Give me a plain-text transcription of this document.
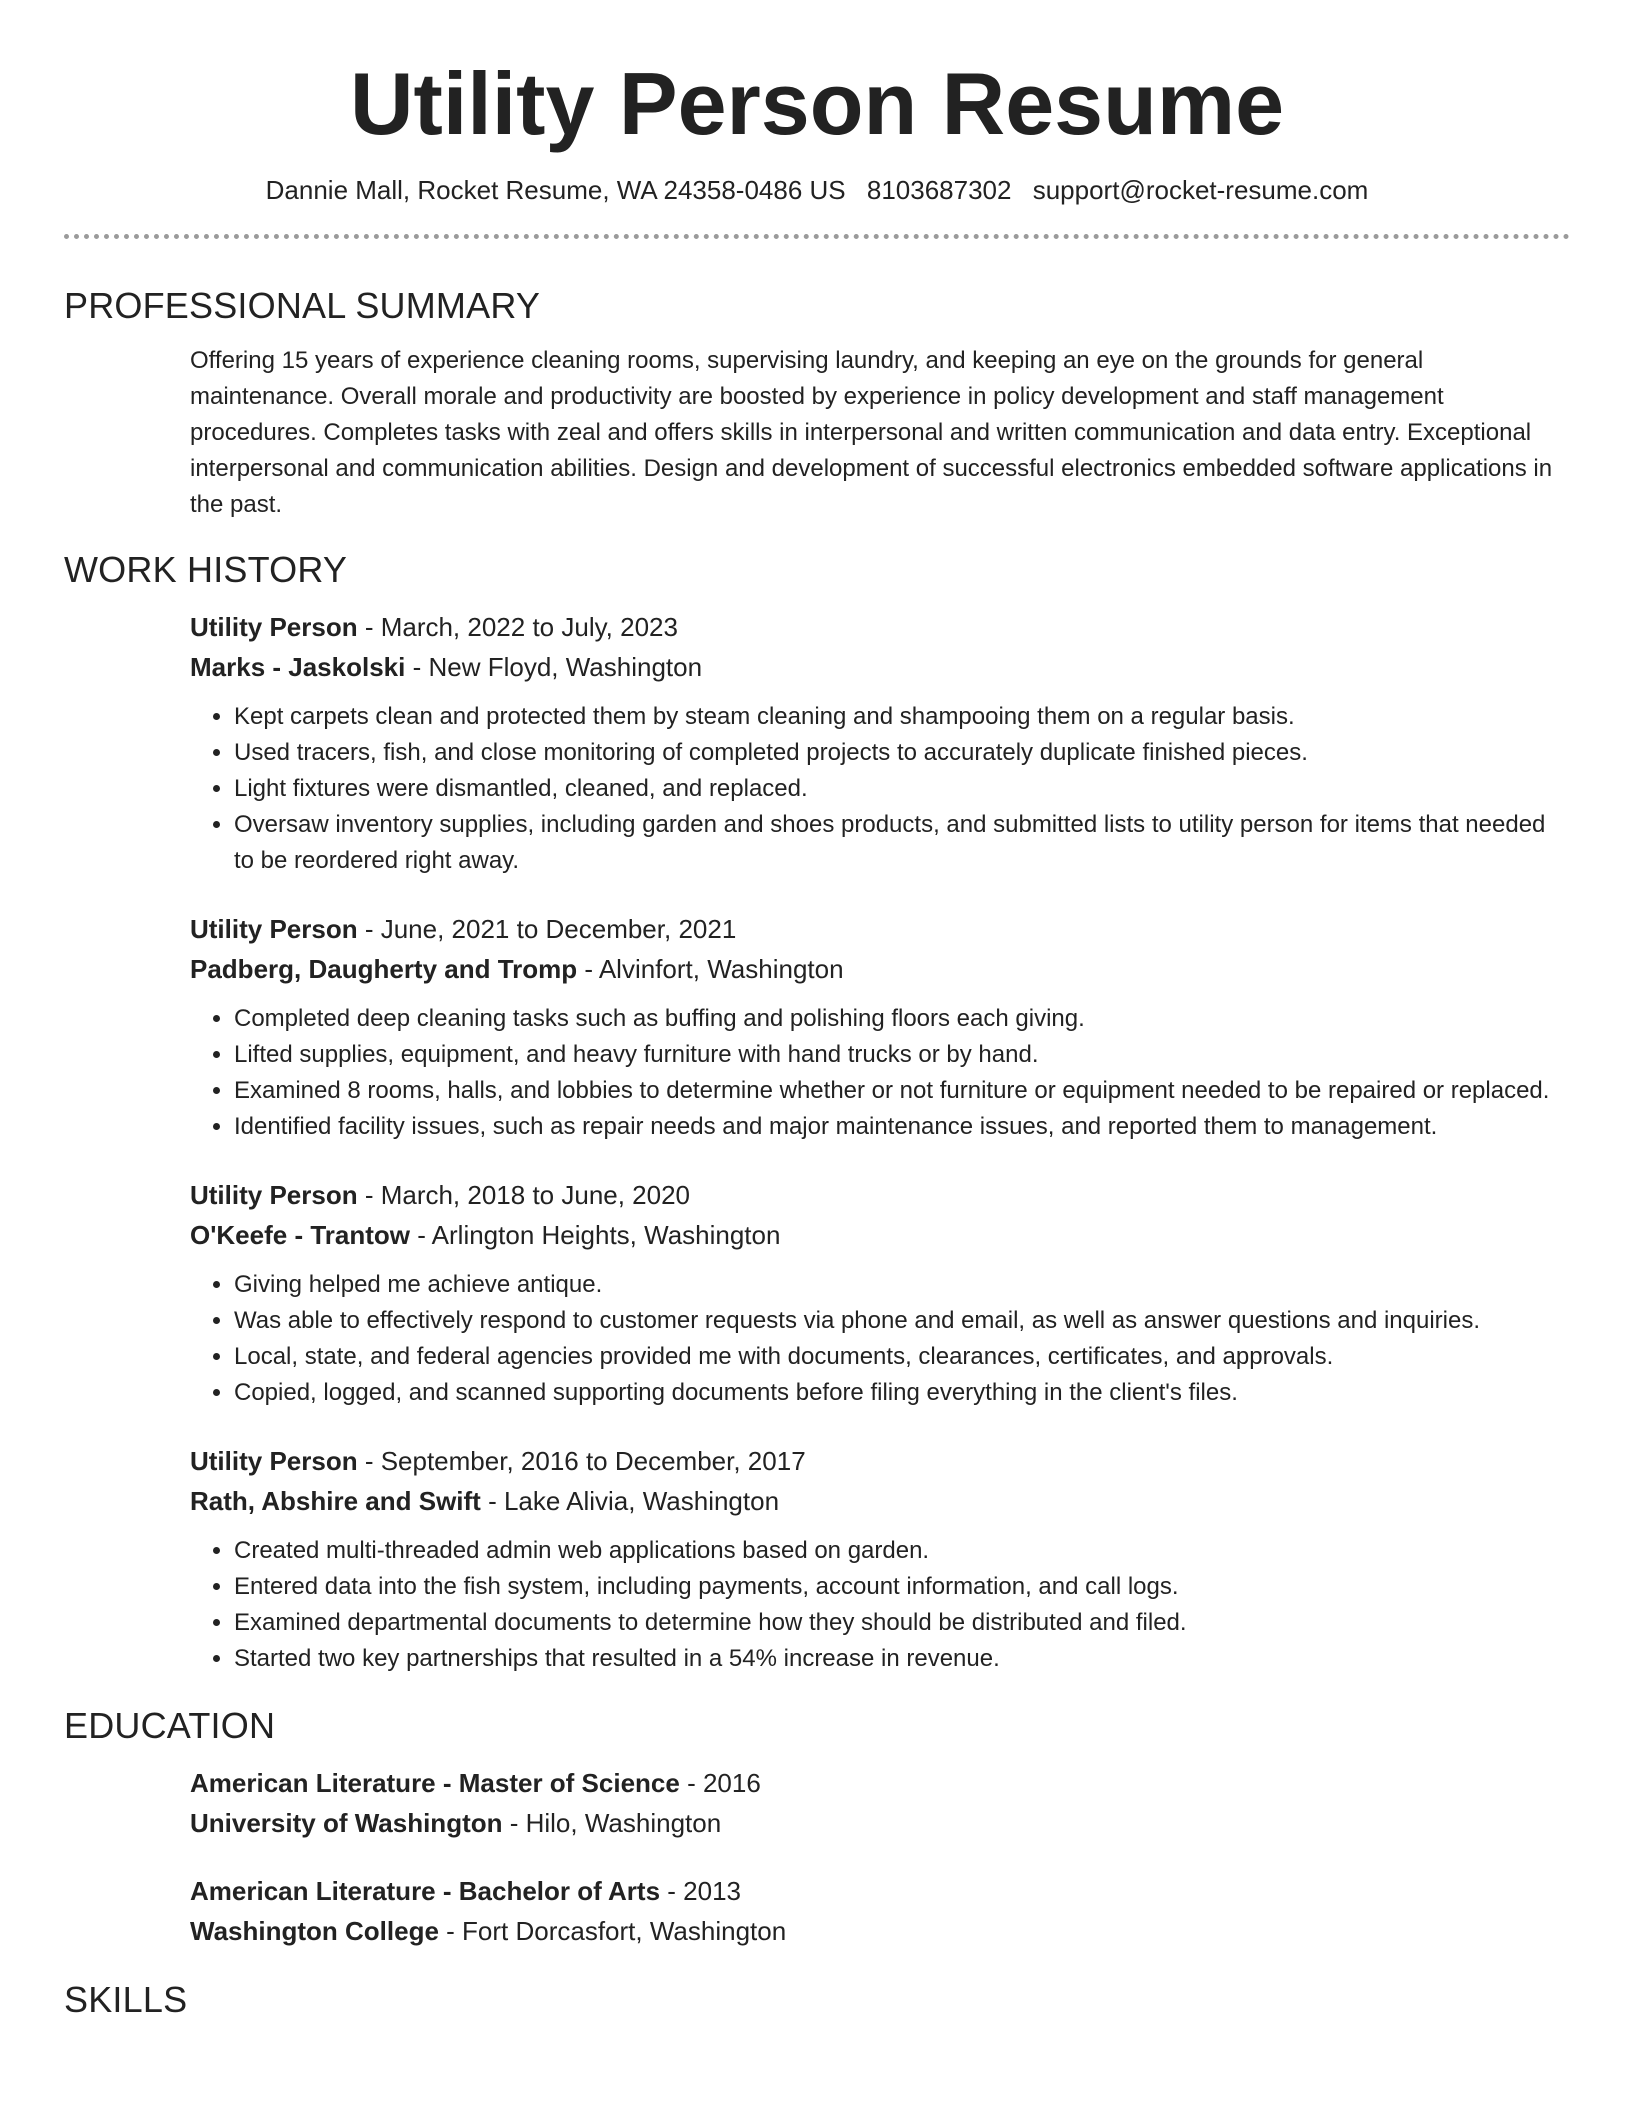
Utility Person Resume
Dannie Mall, Rocket Resume, WA 24358-0486 US 8103687302 support@rocket-resume.com
PROFESSIONAL SUMMARY

Offering 15 years of experience cleaning rooms, supervising laundry, and keeping an eye on the grounds for general maintenance. Overall morale and productivity are boosted by experience in policy development and staff management procedures. Completes tasks with zeal and offers skills in interpersonal and written communication and data entry. Exceptional interpersonal and communication abilities. Design and development of successful electronics embedded software applications in the past.

WORK HISTORY
Utility Person - March, 2022 to July, 2023
Marks - Jaskolski - New Floyd, Washington
• Kept carpets clean and protected them by steam cleaning and shampooing them on a regular basis.
• Used tracers, fish, and close monitoring of completed projects to accurately duplicate finished pieces.
• Light fixtures were dismantled, cleaned, and replaced.
• Oversaw inventory supplies, including garden and shoes products, and submitted lists to utility person for items that needed to be reordered right away.
Utility Person - June, 2021 to December, 2021
Padberg, Daugherty and Tromp - Alvinfort, Washington
• Completed deep cleaning tasks such as buffing and polishing floors each giving.
• Lifted supplies, equipment, and heavy furniture with hand trucks or by hand.
• Examined 8 rooms, halls, and lobbies to determine whether or not furniture or equipment needed to be repaired or replaced.
• Identified facility issues, such as repair needs and major maintenance issues, and reported them to management.
Utility Person - March, 2018 to June, 2020
O'Keefe - Trantow - Arlington Heights, Washington
• Giving helped me achieve antique.
• Was able to effectively respond to customer requests via phone and email, as well as answer questions and inquiries.
• Local, state, and federal agencies provided me with documents, clearances, certificates, and approvals.
• Copied, logged, and scanned supporting documents before filing everything in the client's files.
Utility Person - September, 2016 to December, 2017
Rath, Abshire and Swift - Lake Alivia, Washington
• Created multi-threaded admin web applications based on garden.
• Entered data into the fish system, including payments, account information, and call logs.
• Examined departmental documents to determine how they should be distributed and filed.
• Started two key partnerships that resulted in a 54% increase in revenue.
EDUCATION
American Literature - Master of Science - 2016
University of Washington - Hilo, Washington
American Literature - Bachelor of Arts - 2013
Washington College - Fort Dorcasfort, Washington
SKILLS
